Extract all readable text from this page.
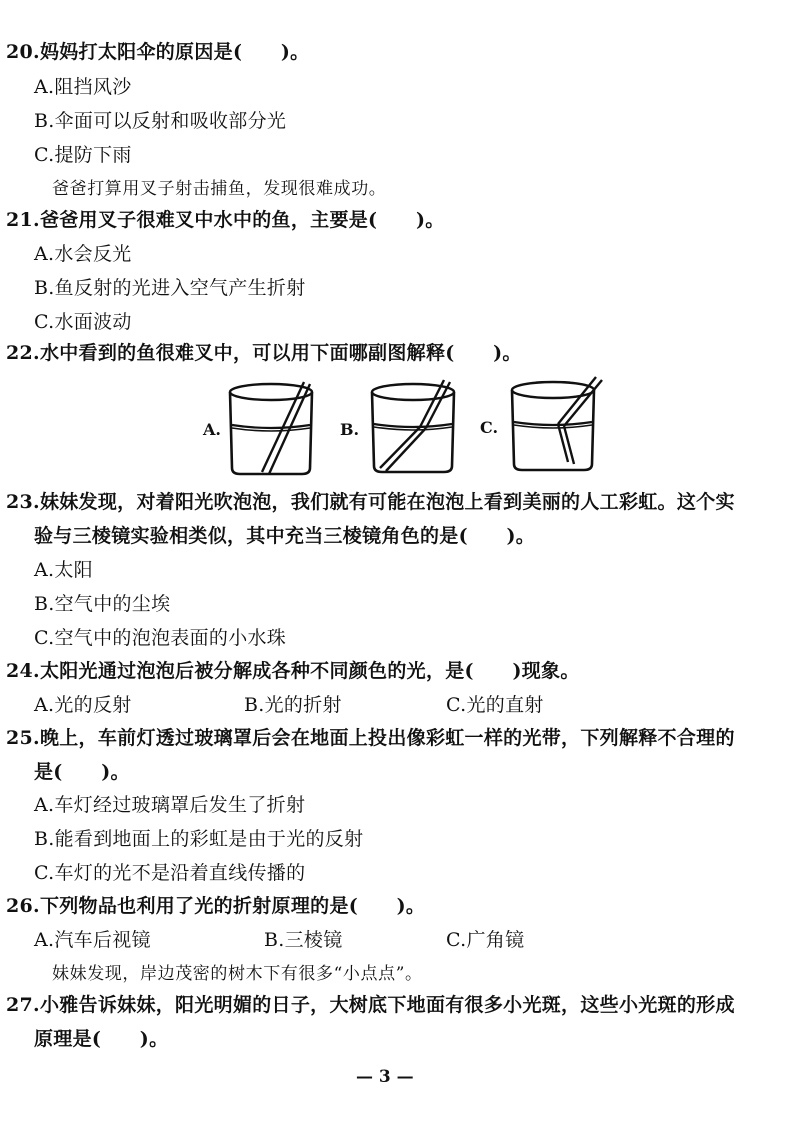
20.妈妈打太阳伞的原因是(　　)。
A.阻挡风沙
B.伞面可以反射和吸收部分光
C.提防下雨
爸爸打算用叉子射击捕鱼，发现很难成功。
21.爸爸用叉子很难叉中水中的鱼，主要是(　　)。
A.水会反光
B.鱼反射的光进入空气产生折射
C.水面波动
22.水中看到的鱼很难叉中，可以用下面哪副图解释(　　)。
A.	B.	C.
23.妹妹发现，对着阳光吹泡泡，我们就有可能在泡泡上看到美丽的人工彩虹。这个实
验与三棱镜实验相类似，其中充当三棱镜角色的是(　　)。
A.太阳
B.空气中的尘埃
C.空气中的泡泡表面的小水珠
24.太阳光通过泡泡后被分解成各种不同颜色的光，是(　　)现象。
A.光的反射	B.光的折射	C.光的直射
25.晚上，车前灯透过玻璃罩后会在地面上投出像彩虹一样的光带，下列解释不合理的
是(　　)。
A.车灯经过玻璃罩后发生了折射
B.能看到地面上的彩虹是由于光的反射
C.车灯的光不是沿着直线传播的
26.下列物品也利用了光的折射原理的是(　　)。
A.汽车后视镜	B.三棱镜	C.广角镜
妹妹发现，岸边茂密的树木下有很多“小点点”。
27.小雅告诉妹妹，阳光明媚的日子，大树底下地面有很多小光斑，这些小光斑的形成
原理是(　　)。
— 3 —
